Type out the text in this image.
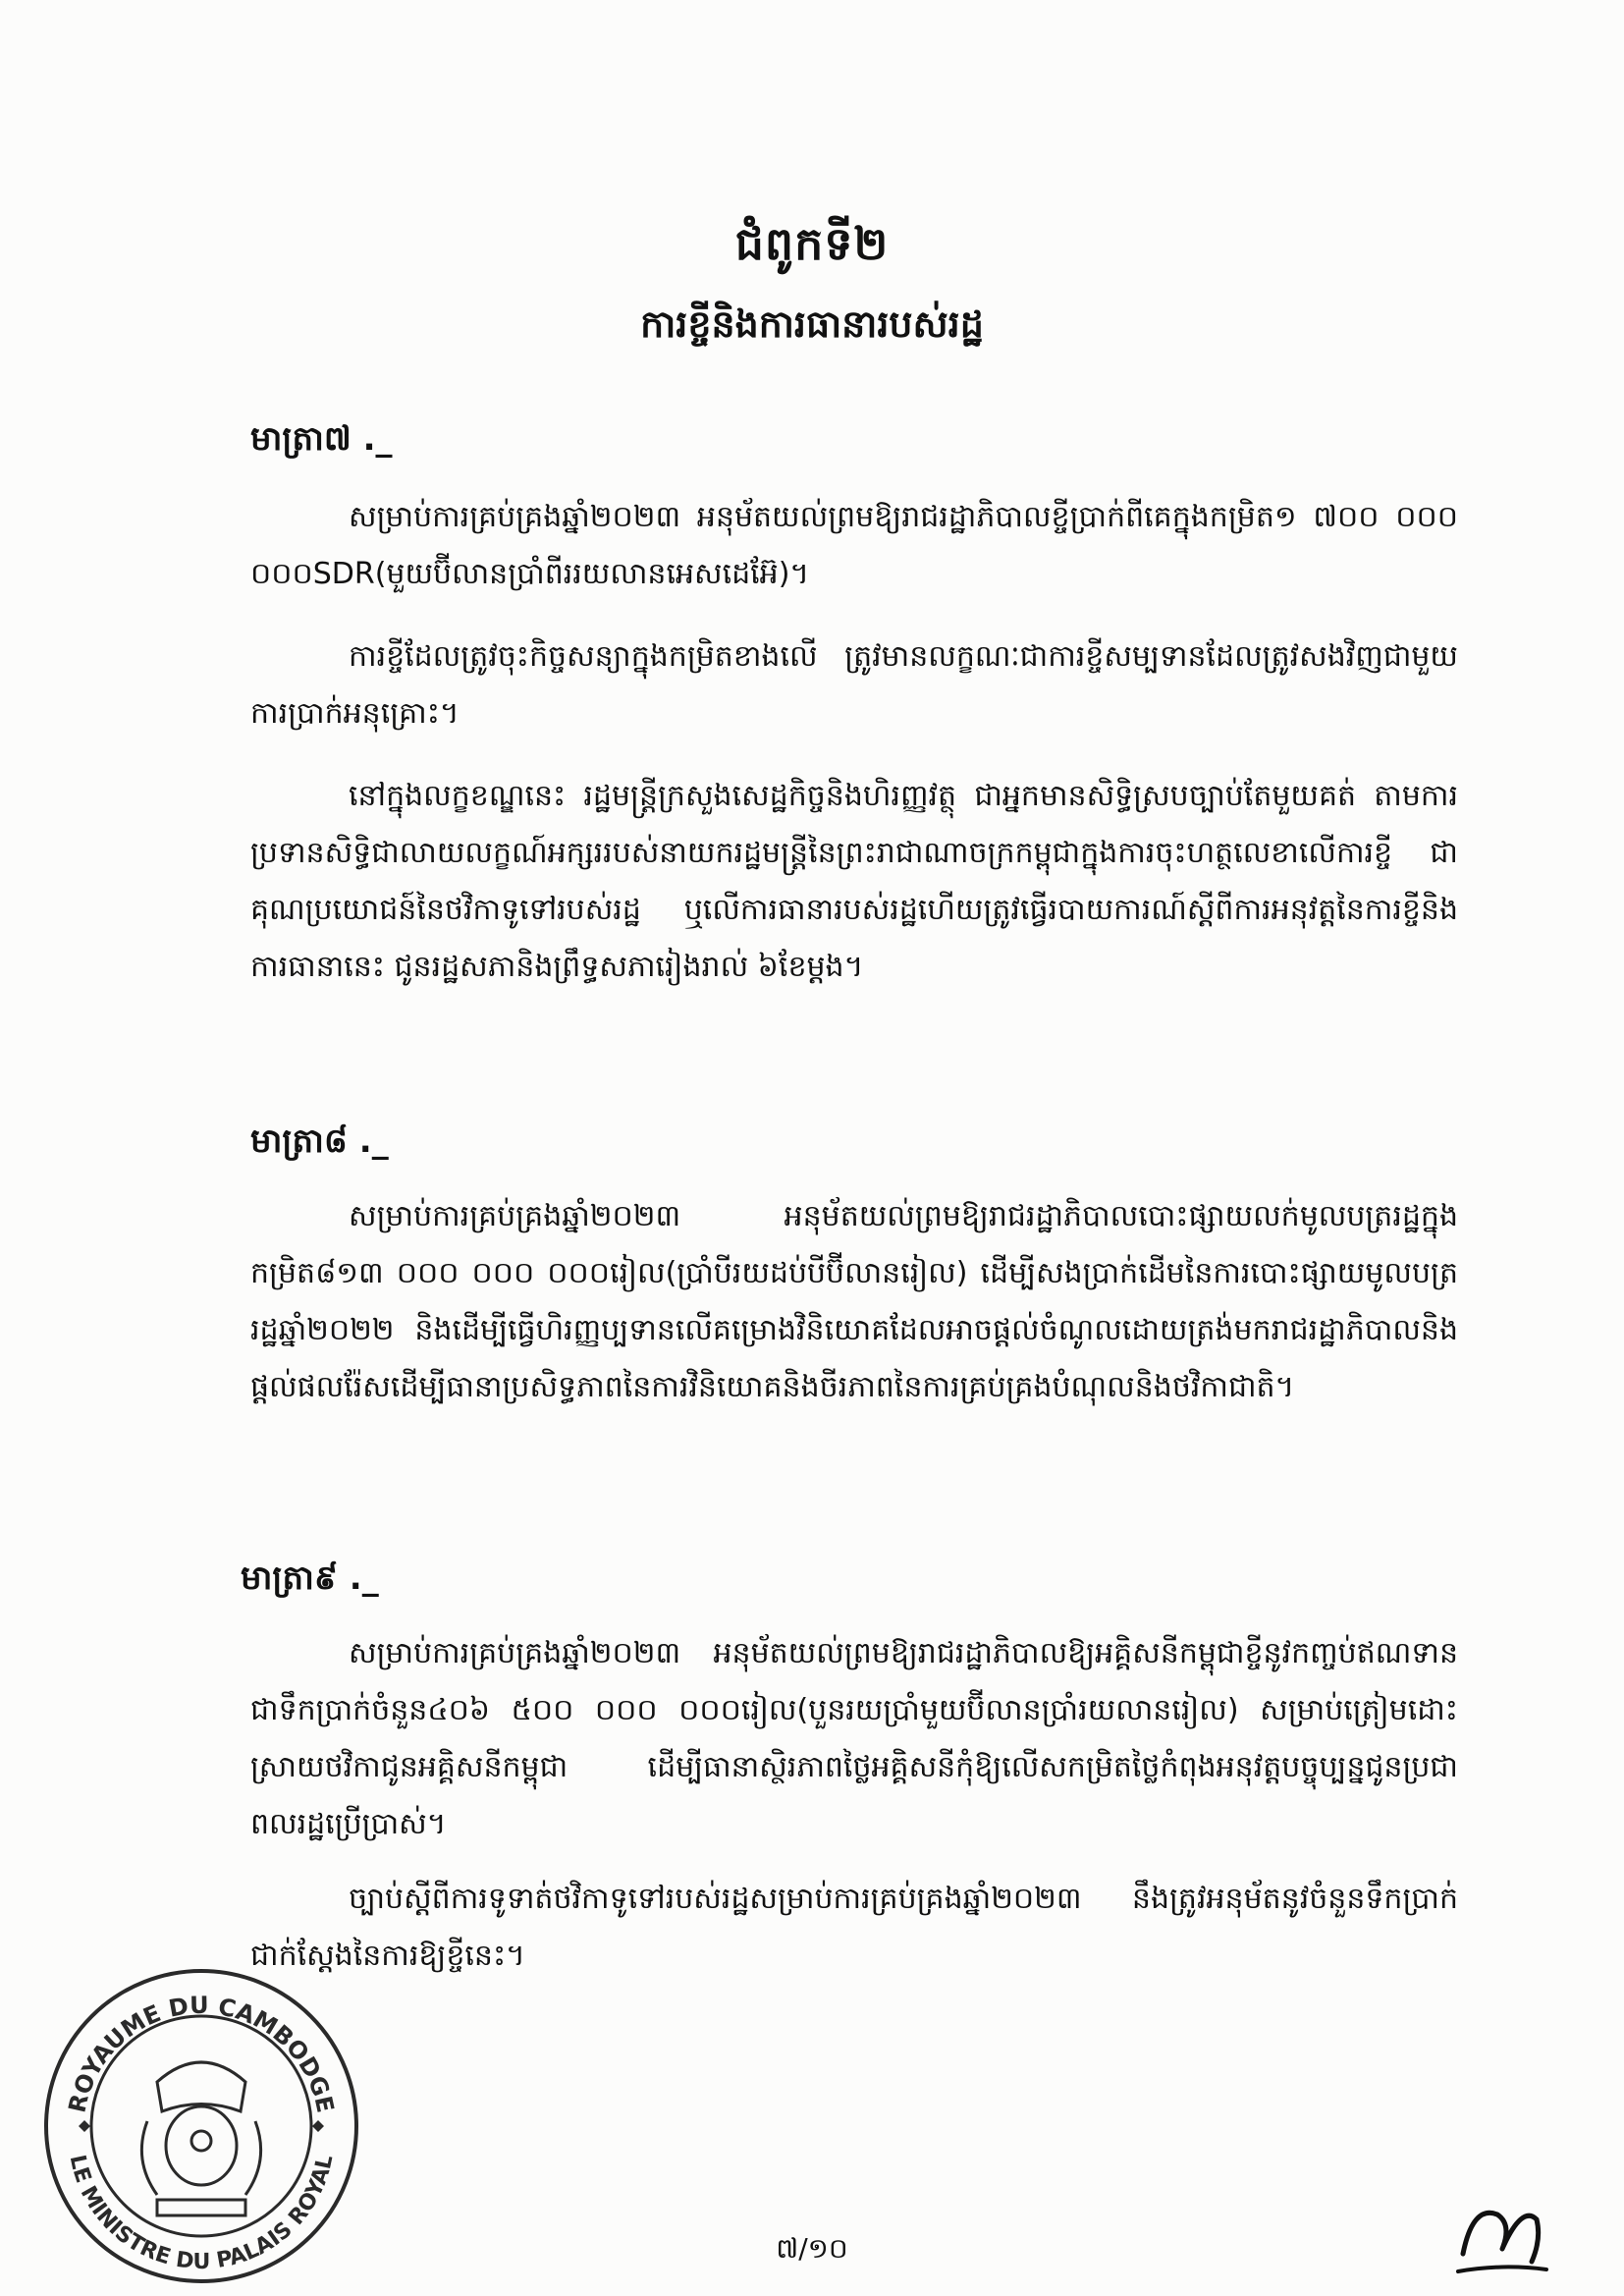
ជំពូកទី២
ការខ្ចីនិងការធានារបស់រដ្ឋ
មាត្រា៧ ._

សម្រាប់ការគ្រប់គ្រងឆ្នាំ២០២៣ អនុម័តយល់ព្រមឱ្យរាជរដ្ឋាភិបាលខ្ចីប្រាក់ពីគេក្នុងកម្រិត១ ៧០០ ០០០ ០០០SDR(មួយប៊ីលានប្រាំពីររយលានអេសដេអ៊ែ)។

ការខ្ចីដែលត្រូវចុះកិច្ចសន្យាក្នុងកម្រិតខាងលើ ត្រូវមានលក្ខណៈជាការខ្ចីសម្បទានដែលត្រូវសងវិញជាមួយការប្រាក់អនុគ្រោះ។

នៅក្នុងលក្ខខណ្ឌនេះ រដ្ឋមន្ត្រីក្រសួងសេដ្ឋកិច្ចនិងហិរញ្ញវត្ថុ ជាអ្នកមានសិទ្ធិស្របច្បាប់តែមួយគត់ តាមការប្រទានសិទ្ធិជាលាយលក្ខណ៍អក្សររបស់នាយករដ្ឋមន្ត្រីនៃព្រះរាជាណាចក្រកម្ពុជាក្នុងការចុះហត្ថលេខាលើការខ្ចី ជាគុណប្រយោជន៍នៃថវិកាទូទៅរបស់រដ្ឋ ឬលើការធានារបស់រដ្ឋហើយត្រូវធ្វើរបាយការណ៍ស្តីពីការអនុវត្តនៃការខ្ចីនិងការធានានេះ ជូនរដ្ឋសភានិងព្រឹទ្ធសភារៀងរាល់ ៦ខែម្តង។

មាត្រា៨ ._

សម្រាប់ការគ្រប់គ្រងឆ្នាំ២០២៣ អនុម័តយល់ព្រមឱ្យរាជរដ្ឋាភិបាលបោះផ្សាយលក់មូលបត្ររដ្ឋក្នុងកម្រិត៨១៣ ០០០ ០០០ ០០០រៀល(ប្រាំបីរយដប់បីប៊ីលានរៀល) ដើម្បីសងប្រាក់ដើមនៃការបោះផ្សាយមូលបត្ររដ្ឋឆ្នាំ២០២២ និងដើម្បីធ្វើហិរញ្ញប្បទានលើគម្រោងវិនិយោគដែលអាចផ្តល់ចំណូលដោយត្រង់មករាជរដ្ឋាភិបាលនិងផ្តល់ផលរ៉ែសដើម្បីធានាប្រសិទ្ធភាពនៃការវិនិយោគនិងចីរភាពនៃការគ្រប់គ្រងបំណុលនិងថវិកាជាតិ។

មាត្រា៩ ._

សម្រាប់ការគ្រប់គ្រងឆ្នាំ២០២៣ អនុម័តយល់ព្រមឱ្យរាជរដ្ឋាភិបាលឱ្យអគ្គិសនីកម្ពុជាខ្ចីនូវកញ្ចប់ឥណទានជាទឹកប្រាក់ចំនួន៤០៦ ៥០០ ០០០ ០០០រៀល(បួនរយប្រាំមួយប៊ីលានប្រាំរយលានរៀល) សម្រាប់ត្រៀមដោះស្រាយថវិកាជូនអគ្គិសនីកម្ពុជា ដើម្បីធានាស្ថិរភាពថ្លៃអគ្គិសនីកុំឱ្យលើសកម្រិតថ្លៃកំពុងអនុវត្តបច្ចុប្បន្នជូនប្រជាពលរដ្ឋប្រើប្រាស់។

ច្បាប់ស្តីពីការទូទាត់ថវិកាទូទៅរបស់រដ្ឋសម្រាប់ការគ្រប់គ្រងឆ្នាំ២០២៣ នឹងត្រូវអនុម័តនូវចំនួនទឹកប្រាក់ជាក់ស្តែងនៃការឱ្យខ្ចីនេះ។

ROYAUME DU CAMBODGE
LE MINISTRE DU PALAIS ROYAL
៧/១០
